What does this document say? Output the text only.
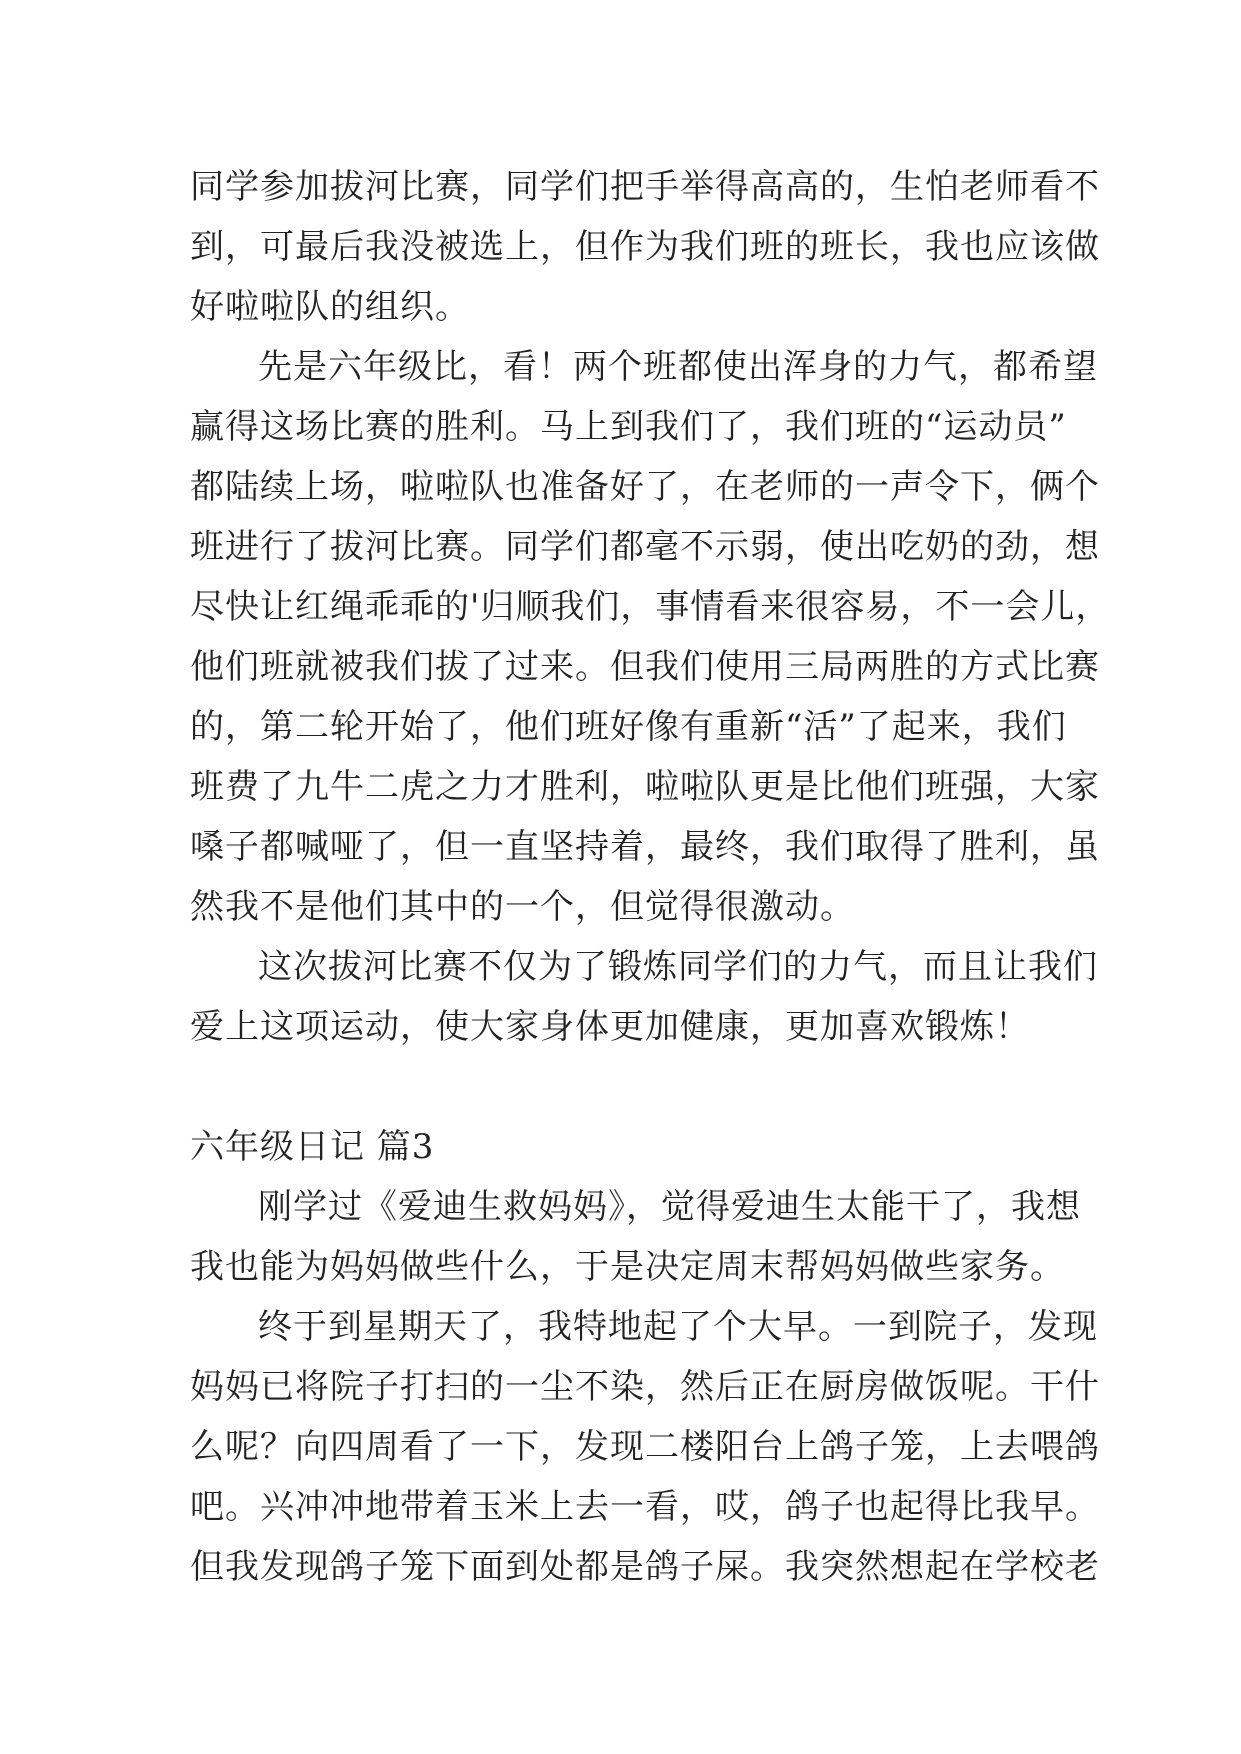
同学参加拔河比赛，同学们把手举得高高的，生怕老师看不
到，可最后我没被选上，但作为我们班的班长，我也应该做
好啦啦队的组织。
先是六年级比，看！两个班都使出浑身的力气，都希望
赢得这场比赛的胜利。马上到我们了，我们班的“运动员”
都陆续上场，啦啦队也准备好了，在老师的一声令下，俩个
班进行了拔河比赛。同学们都毫不示弱，使出吃奶的劲，想
尽快让红绳乖乖的'归顺我们，事情看来很容易，不一会儿，
他们班就被我们拔了过来。但我们使用三局两胜的方式比赛
的，第二轮开始了，他们班好像有重新“活”了起来，我们
班费了九牛二虎之力才胜利，啦啦队更是比他们班强，大家
嗓子都喊哑了，但一直坚持着，最终，我们取得了胜利，虽
然我不是他们其中的一个，但觉得很激动。
这次拔河比赛不仅为了锻炼同学们的力气，而且让我们
爱上这项运动，使大家身体更加健康，更加喜欢锻炼！
六年级日记 篇3
刚学过《爱迪生救妈妈》，觉得爱迪生太能干了，我想
我也能为妈妈做些什么，于是决定周末帮妈妈做些家务。
终于到星期天了，我特地起了个大早。一到院子，发现
妈妈已将院子打扫的一尘不染，然后正在厨房做饭呢。干什
么呢？向四周看了一下，发现二楼阳台上鸽子笼，上去喂鸽
吧。兴冲冲地带着玉米上去一看，哎，鸽子也起得比我早。
但我发现鸽子笼下面到处都是鸽子屎。我突然想起在学校老
